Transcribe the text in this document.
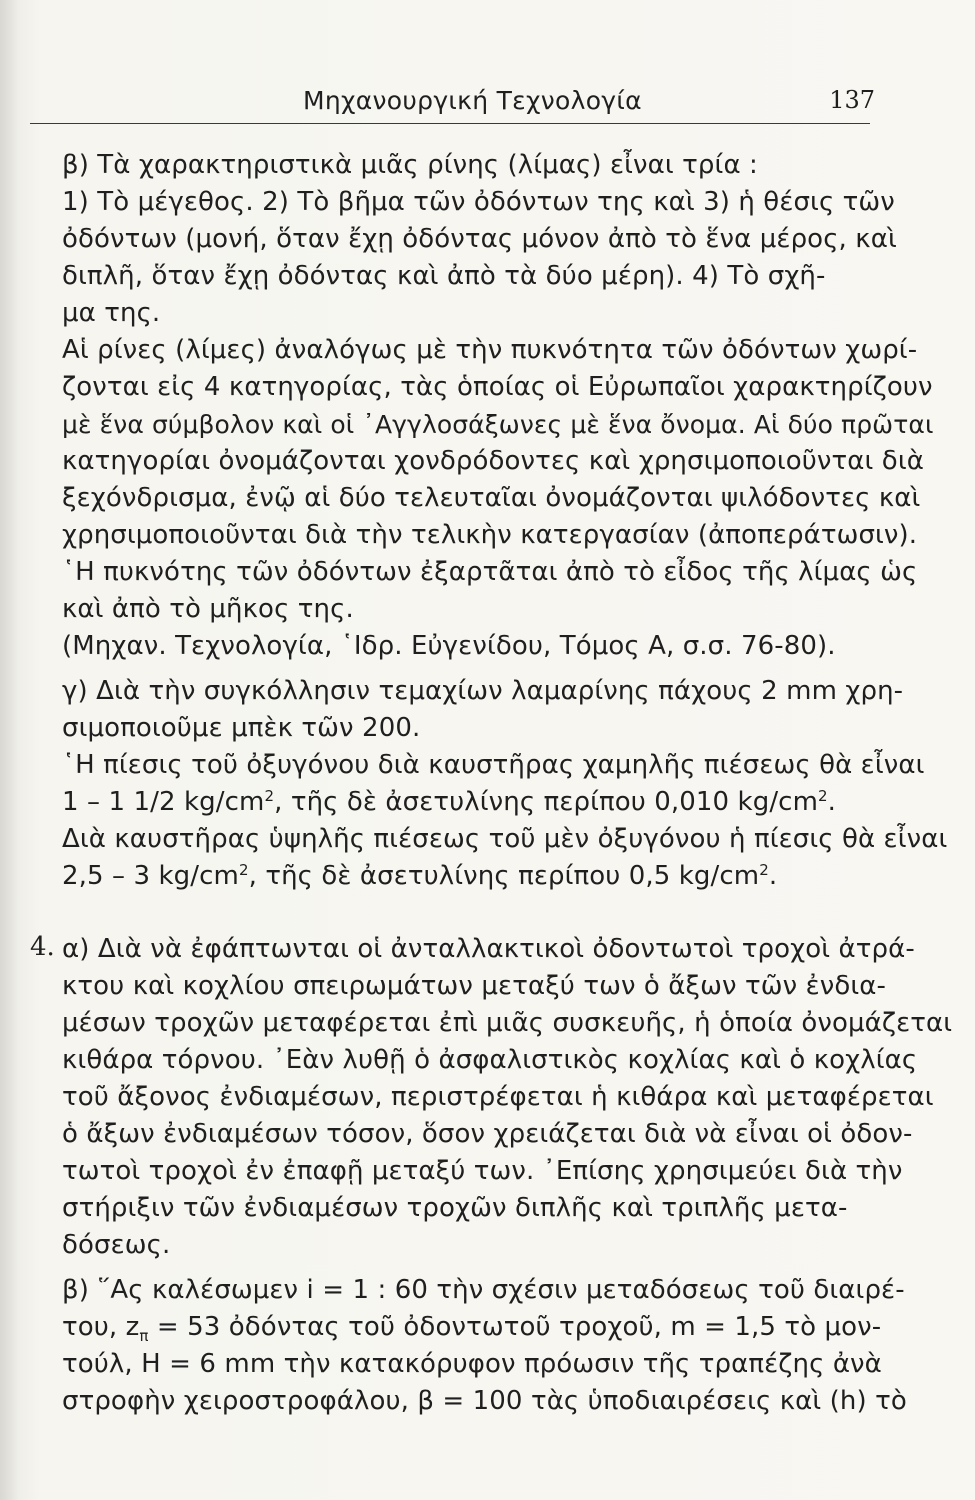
Μηχανουργική Τεχνολογία	137
4.
β) Τὰ χαρακτηριστικὰ μιᾶς ρίνης (λίμας) εἶναι τρία :
1) Τὸ μέγεθος. 2) Τὸ βῆμα τῶν ὀδόντων της καὶ 3) ἡ θέσις τῶν
ὀδόντων (μονή, ὅταν ἔχῃ ὀδόντας μόνον ἀπὸ τὸ ἕνα μέρος, καὶ
διπλῆ, ὅταν ἔχῃ ὀδόντας καὶ ἀπὸ τὰ δύο μέρη). 4) Τὸ σχῆ-
μα της.
Αἱ ρίνες (λίμες) ἀναλόγως μὲ τὴν πυκνότητα τῶν ὀδόντων χωρί-
ζονται εἰς 4 κατηγορίας, τὰς ὁποίας οἱ Εὐρωπαῖοι χαρακτηρίζουν
μὲ ἕνα σύμβολον καὶ οἱ ᾿Αγγλοσάξωνες μὲ ἕνα ὄνομα. Αἱ δύο πρῶται
κατηγορίαι ὀνομάζονται χονδρόδοντες καὶ χρησιμοποιοῦνται διὰ
ξεχόνδρισμα, ἐνῷ αἱ δύο τελευταῖαι ὀνομάζονται ψιλόδοντες καὶ
χρησιμοποιοῦνται διὰ τὴν τελικὴν κατεργασίαν (ἀποπεράτωσιν).
῾Η πυκνότης τῶν ὀδόντων ἐξαρτᾶται ἀπὸ τὸ εἶδος τῆς λίμας ὡς
καὶ ἀπὸ τὸ μῆκος της.
(Μηχαν. Τεχνολογία, ῾Ιδρ. Εὐγενίδου, Τόμος Α, σ.σ. 76-80).
γ) Διὰ τὴν συγκόλλησιν τεμαχίων λαμαρίνης πάχους 2 mm χρη-
σιμοποιοῦμε μπὲκ τῶν 200.
῾Η πίεσις τοῦ ὀξυγόνου διὰ καυστῆρας χαμηλῆς πιέσεως θὰ εἶναι
1 – 1 1/2 $kg/cm^2$, τῆς δὲ ἀσετυλίνης περίπου 0,010 $kg/cm^2$.
Διὰ καυστῆρας ὑψηλῆς πιέσεως τοῦ μὲν ὀξυγόνου ἡ πίεσις θὰ εἶναι
2,5 – 3 $kg/cm^2$, τῆς δὲ ἀσετυλίνης περίπου 0,5 $kg/cm^2$.
α) Διὰ νὰ ἐφάπτωνται οἱ ἀνταλλακτικοὶ ὀδοντωτοὶ τροχοὶ ἀτρά-
κτου καὶ κοχλίου σπειρωμάτων μεταξύ των ὁ ἄξων τῶν ἐνδια-
μέσων τροχῶν μεταφέρεται ἐπὶ μιᾶς συσκευῆς, ἡ ὁποία ὀνομάζεται
κιθάρα τόρνου. ᾿Εὰν λυθῇ ὁ ἀσφαλιστικὸς κοχλίας καὶ ὁ κοχλίας
τοῦ ἄξονος ἐνδιαμέσων, περιστρέφεται ἡ κιθάρα καὶ μεταφέρεται
ὁ ἄξων ἐνδιαμέσων τόσον, ὅσον χρειάζεται διὰ νὰ εἶναι οἱ ὀδον-
τωτοὶ τροχοὶ ἐν ἐπαφῇ μεταξύ των. ᾿Επίσης χρησιμεύει διὰ τὴν
στήριξιν τῶν ἐνδιαμέσων τροχῶν διπλῆς καὶ τριπλῆς μετα-
δόσεως.
β) ῞Ας καλέσωμεν i = 1 : 60 τὴν σχέσιν μεταδόσεως τοῦ διαιρέ-
του, $z_\pi = 53$ ὀδόντας τοῦ ὀδοντωτοῦ τροχοῦ, m = 1,5 τὸ μον-
τούλ, H = 6 mm τὴν κατακόρυφον πρόωσιν τῆς τραπέζης ἀνὰ
στροφὴν χειροστροφάλου, β = 100 τὰς ὑποδιαιρέσεις καὶ (h) τὸ
